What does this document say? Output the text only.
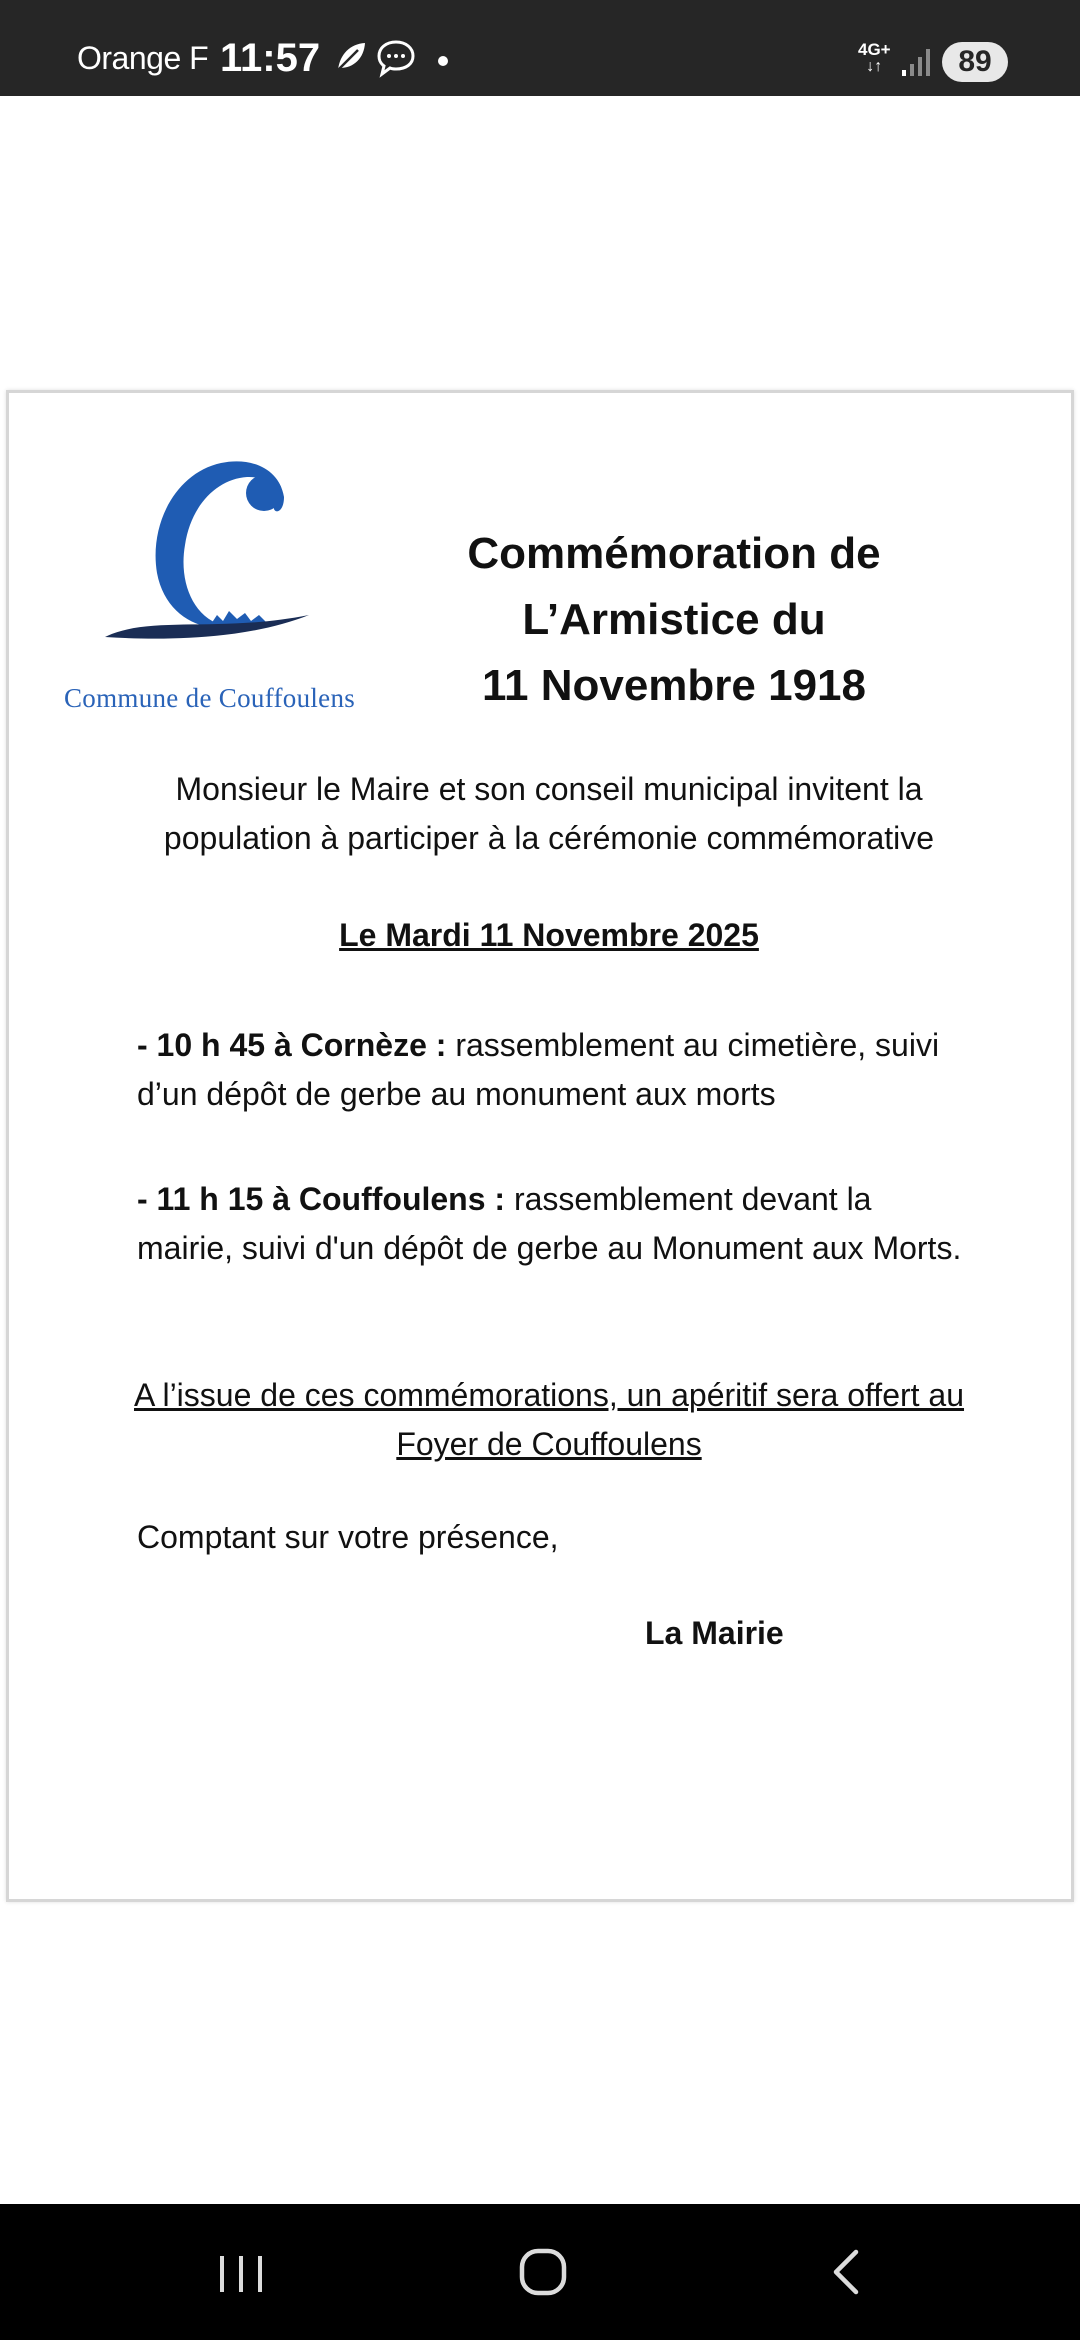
Orange F 11:57	4G+
↓↑	89
Commune de Couffoulens
Commémoration de
L’Armistice du
11 Novembre 1918
Monsieur le Maire et son conseil municipal invitent la population à participer à la cérémonie commémorative
Le Mardi 11 Novembre 2025
- 10 h 45 à Cornèze : rassemblement au cimetière, suivi d’un dépôt de gerbe au monument aux morts
- 11 h 15 à Couffoulens : rassemblement devant la mairie, suivi d'un dépôt de gerbe au Monument aux Morts.
A l’issue de ces commémorations, un apéritif sera offert au Foyer de Couffoulens
Comptant sur votre présence,
La Mairie
